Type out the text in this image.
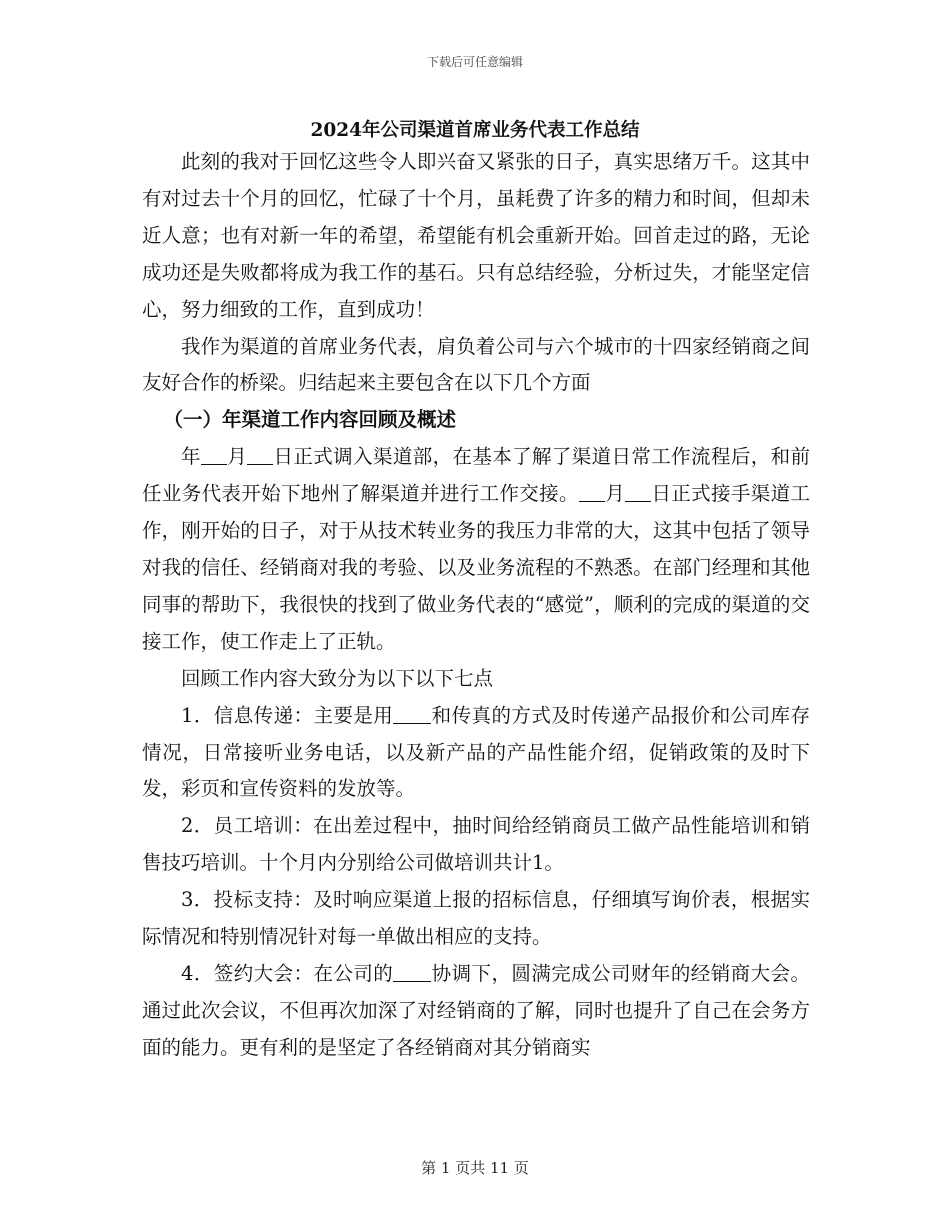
下载后可任意编辑
2024年公司渠道首席业务代表工作总结

此刻的我对于回忆这些令人即兴奋又紧张的日子，真实思绪万千。这其中有对过去十个月的回忆，忙碌了十个月，虽耗费了许多的精力和时间，但却未近人意；也有对新一年的希望，希望能有机会重新开始。回首走过的路，无论成功还是失败都将成为我工作的基石。只有总结经验，分析过失，才能坚定信心，努力细致的工作，直到成功！

我作为渠道的首席业务代表，肩负着公司与六个城市的十四家经销商之间友好合作的桥梁。归结起来主要包含在以下几个方面

（一）年渠道工作内容回顾及概述

年 月 日正式调入渠道部，在基本了解了渠道日常工作流程后，和前任业务代表开始下地州了解渠道并进行工作交接。 月 日正式接手渠道工作，刚开始的日子，对于从技术转业务的我压力非常的大，这其中包括了领导对我的信任、经销商对我的考验、以及业务流程的不熟悉。在部门经理和其他同事的帮助下，我很快的找到了做业务代表的“感觉”，顺利的完成的渠道的交接工作，使工作走上了正轨。

回顾工作内容大致分为以下以下七点

1．信息传递：主要是用 和传真的方式及时传递产品报价和公司库存情况，日常接听业务电话，以及新产品的产品性能介绍，促销政策的及时下发，彩页和宣传资料的发放等。

2．员工培训：在出差过程中，抽时间给经销商员工做产品性能培训和销售技巧培训。十个月内分别给公司做培训共计1。

3．投标支持：及时响应渠道上报的招标信息，仔细填写询价表，根据实际情况和特别情况针对每一单做出相应的支持。

4．签约大会：在公司的 协调下，圆满完成公司财年的经销商大会。通过此次会议，不但再次加深了对经销商的了解，同时也提升了自己在会务方面的能力。更有利的是坚定了各经销商对其分销商实

第 1 页共 11 页
